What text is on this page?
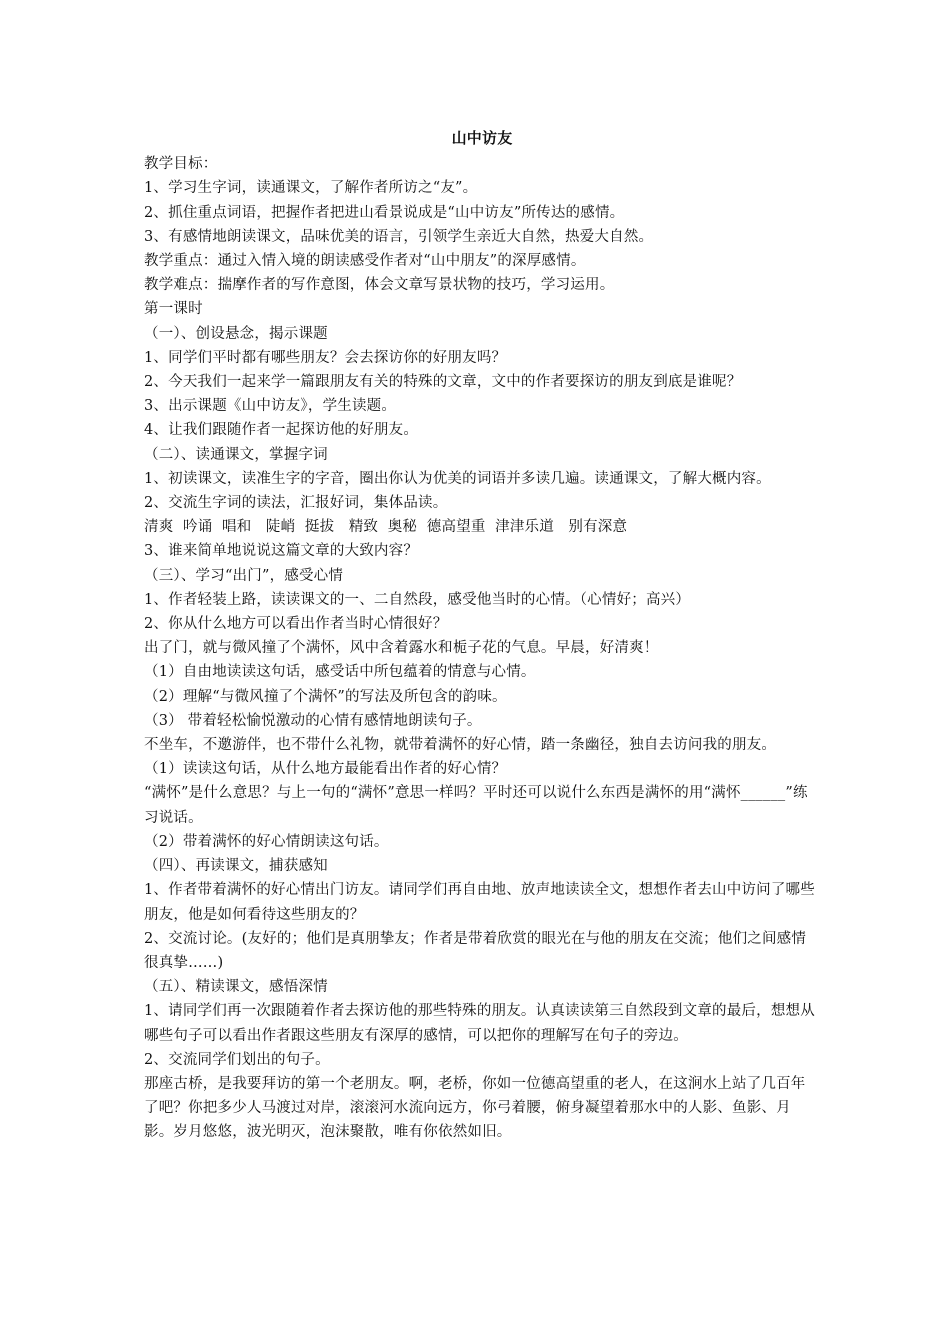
山中访友
教学目标：
1、学习生字词，读通课文，了解作者所访之“友”。
2、抓住重点词语，把握作者把进山看景说成是“山中访友”所传达的感情。
3、有感情地朗读课文，品味优美的语言，引领学生亲近大自然，热爱大自然。
教学重点：通过入情入境的朗读感受作者对“山中朋友”的深厚感情。
教学难点：揣摩作者的写作意图，体会文章写景状物的技巧，学习运用。
第一课时
（一）、创设悬念，揭示课题
1、同学们平时都有哪些朋友？会去探访你的好朋友吗？
2、今天我们一起来学一篇跟朋友有关的特殊的文章，文中的作者要探访的朋友到底是谁呢？
3、出示课题《山中访友》，学生读题。
4、让我们跟随作者一起探访他的好朋友。
（二）、读通课文，掌握字词
1、初读课文，读准生字的字音，圈出你认为优美的词语并多读几遍。读通课文，了解大概内容。
2、交流生字词的读法，汇报好词，集体品读。
清爽  吟诵  唱和   陡峭  挺拔   精致  奥秘  德高望重  津津乐道   别有深意
3、谁来简单地说说这篇文章的大致内容？
（三）、学习“出门”，感受心情
1、作者轻装上路，读读课文的一、二自然段，感受他当时的心情。（心情好；高兴）
2、你从什么地方可以看出作者当时心情很好？
出了门，就与微风撞了个满怀，风中含着露水和栀子花的气息。早晨，好清爽！
（1）自由地读读这句话，感受话中所包蕴着的情意与心情。
（2）理解“与微风撞了个满怀”的写法及所包含的韵味。
（3） 带着轻松愉悦激动的心情有感情地朗读句子。
不坐车，不邀游伴，也不带什么礼物，就带着满怀的好心情，踏一条幽径，独自去访问我的朋友。
（1）读读这句话，从什么地方最能看出作者的好心情？
“满怀”是什么意思？与上一句的“满怀”意思一样吗？平时还可以说什么东西是满怀的用“满怀______”练习说话。
（2）带着满怀的好心情朗读这句话。
（四）、再读课文，捕获感知
1、作者带着满怀的好心情出门访友。请同学们再自由地、放声地读读全文，想想作者去山中访问了哪些朋友，他是如何看待这些朋友的？
2、交流讨论。(友好的；他们是真朋挚友；作者是带着欣赏的眼光在与他的朋友在交流；他们之间感情很真挚……)
（五）、精读课文，感悟深情
1、请同学们再一次跟随着作者去探访他的那些特殊的朋友。认真读读第三自然段到文章的最后，想想从哪些句子可以看出作者跟这些朋友有深厚的感情，可以把你的理解写在句子的旁边。
2、交流同学们划出的句子。
那座古桥，是我要拜访的第一个老朋友。啊，老桥，你如一位德高望重的老人，在这涧水上站了几百年了吧？你把多少人马渡过对岸，滚滚河水流向远方，你弓着腰，俯身凝望着那水中的人影、鱼影、月影。岁月悠悠，波光明灭，泡沫聚散，唯有你依然如旧。
